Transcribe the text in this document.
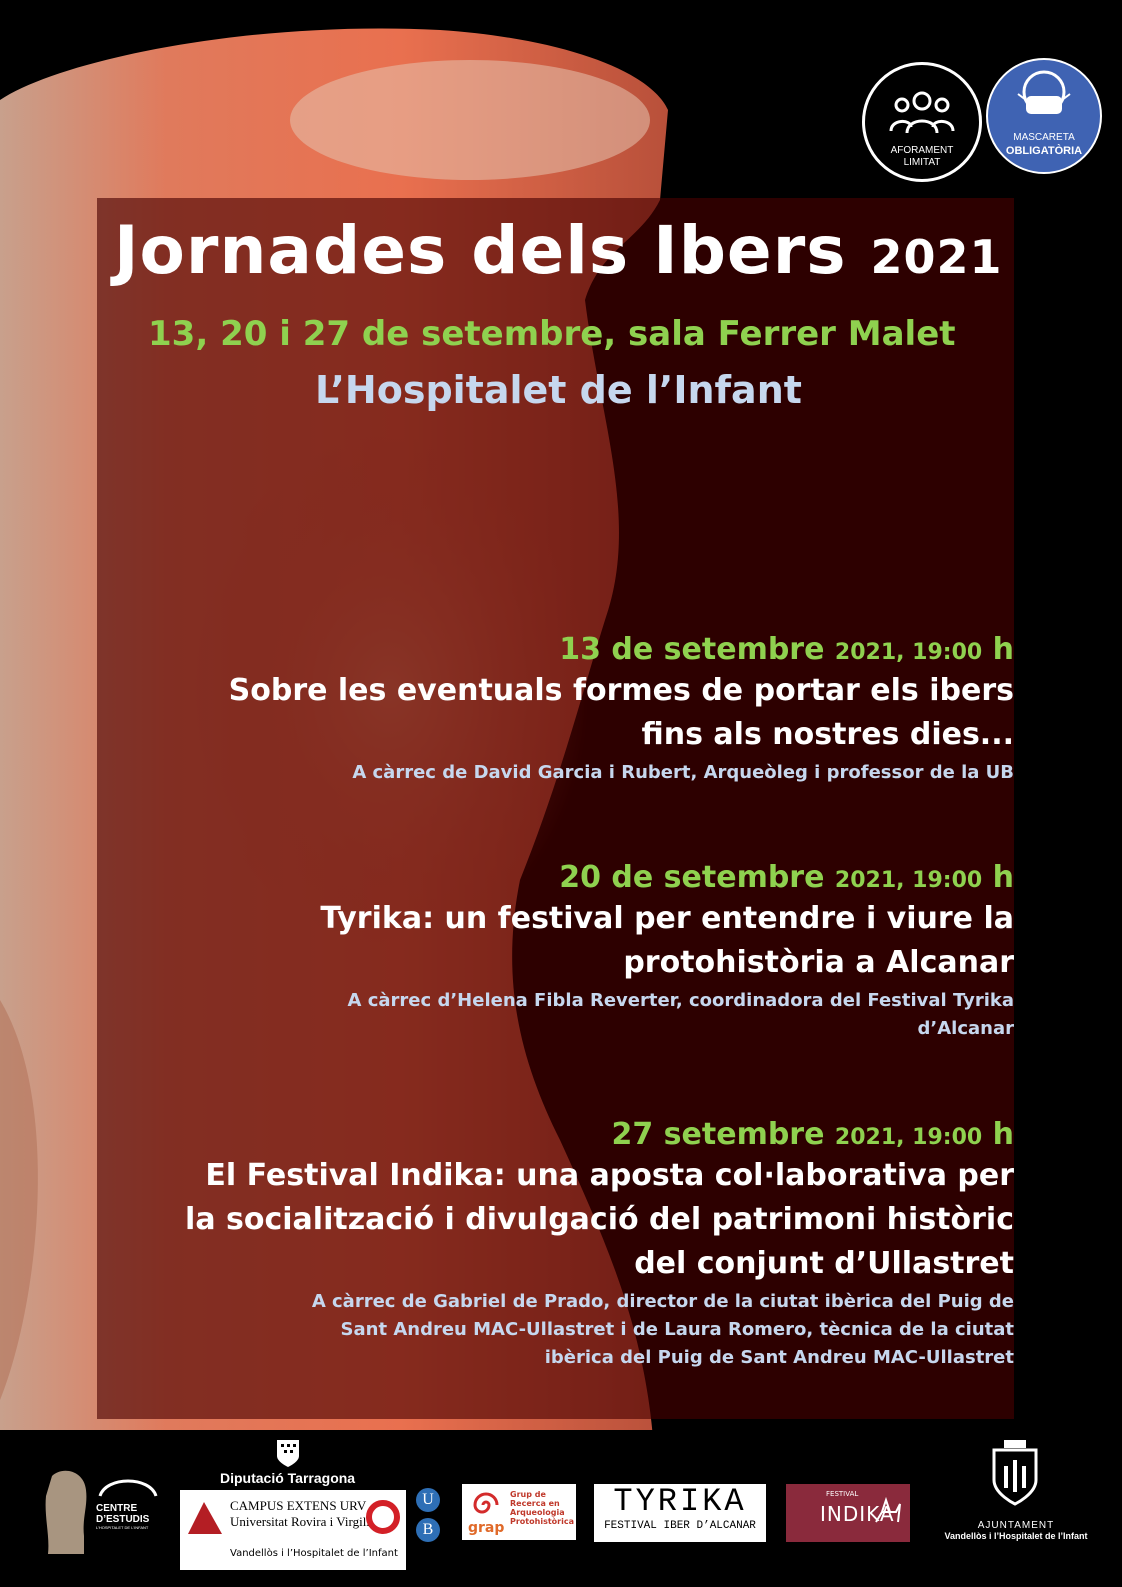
Jornades dels Ibers 2021
13, 20 i 27 de setembre, sala Ferrer Malet
L’Hospitalet de l’Infant
AFORAMENT
LIMITAT
MASCARETA
OBLIGATÒRIA
13 de setembre 2021, 19:00 h
Sobre les eventuals formes de portar els ibers
fins als nostres dies...
A càrrec de David Garcia i Rubert, Arqueòleg i professor de la UB
20 de setembre 2021, 19:00 h
Tyrika: un festival per entendre i viure la
protohistòria a Alcanar
A càrrec d’Helena Fibla Reverter, coordinadora del Festival Tyrika
d’Alcanar
27 setembre 2021, 19:00 h
El Festival Indika: una aposta col·laborativa per
la socialització i divulgació del patrimoni històric
del conjunt d’Ullastret
A càrrec de Gabriel de Prado, director de la ciutat ibèrica del Puig de
Sant Andreu MAC-Ullastret i de Laura Romero, tècnica de la ciutat
ibèrica del Puig de Sant Andreu MAC-Ullastret
CENTRE
D’ESTUDIS
L’HOSPITALET DE L’INFANT
Diputació Tarragona
CAMPUS EXTENS URV
Universitat Rovira i Virgili
Vandellòs i l’Hospitalet de l’Infant
U
B	grap
Grup de
Recerca en
Arqueologia
Protohistòrica
TYRIKA
FESTIVAL IBER D’ALCANAR
FESTIVAL
INDIKA	AJUNTAMENT
Vandellòs i l’Hospitalet de l’Infant
